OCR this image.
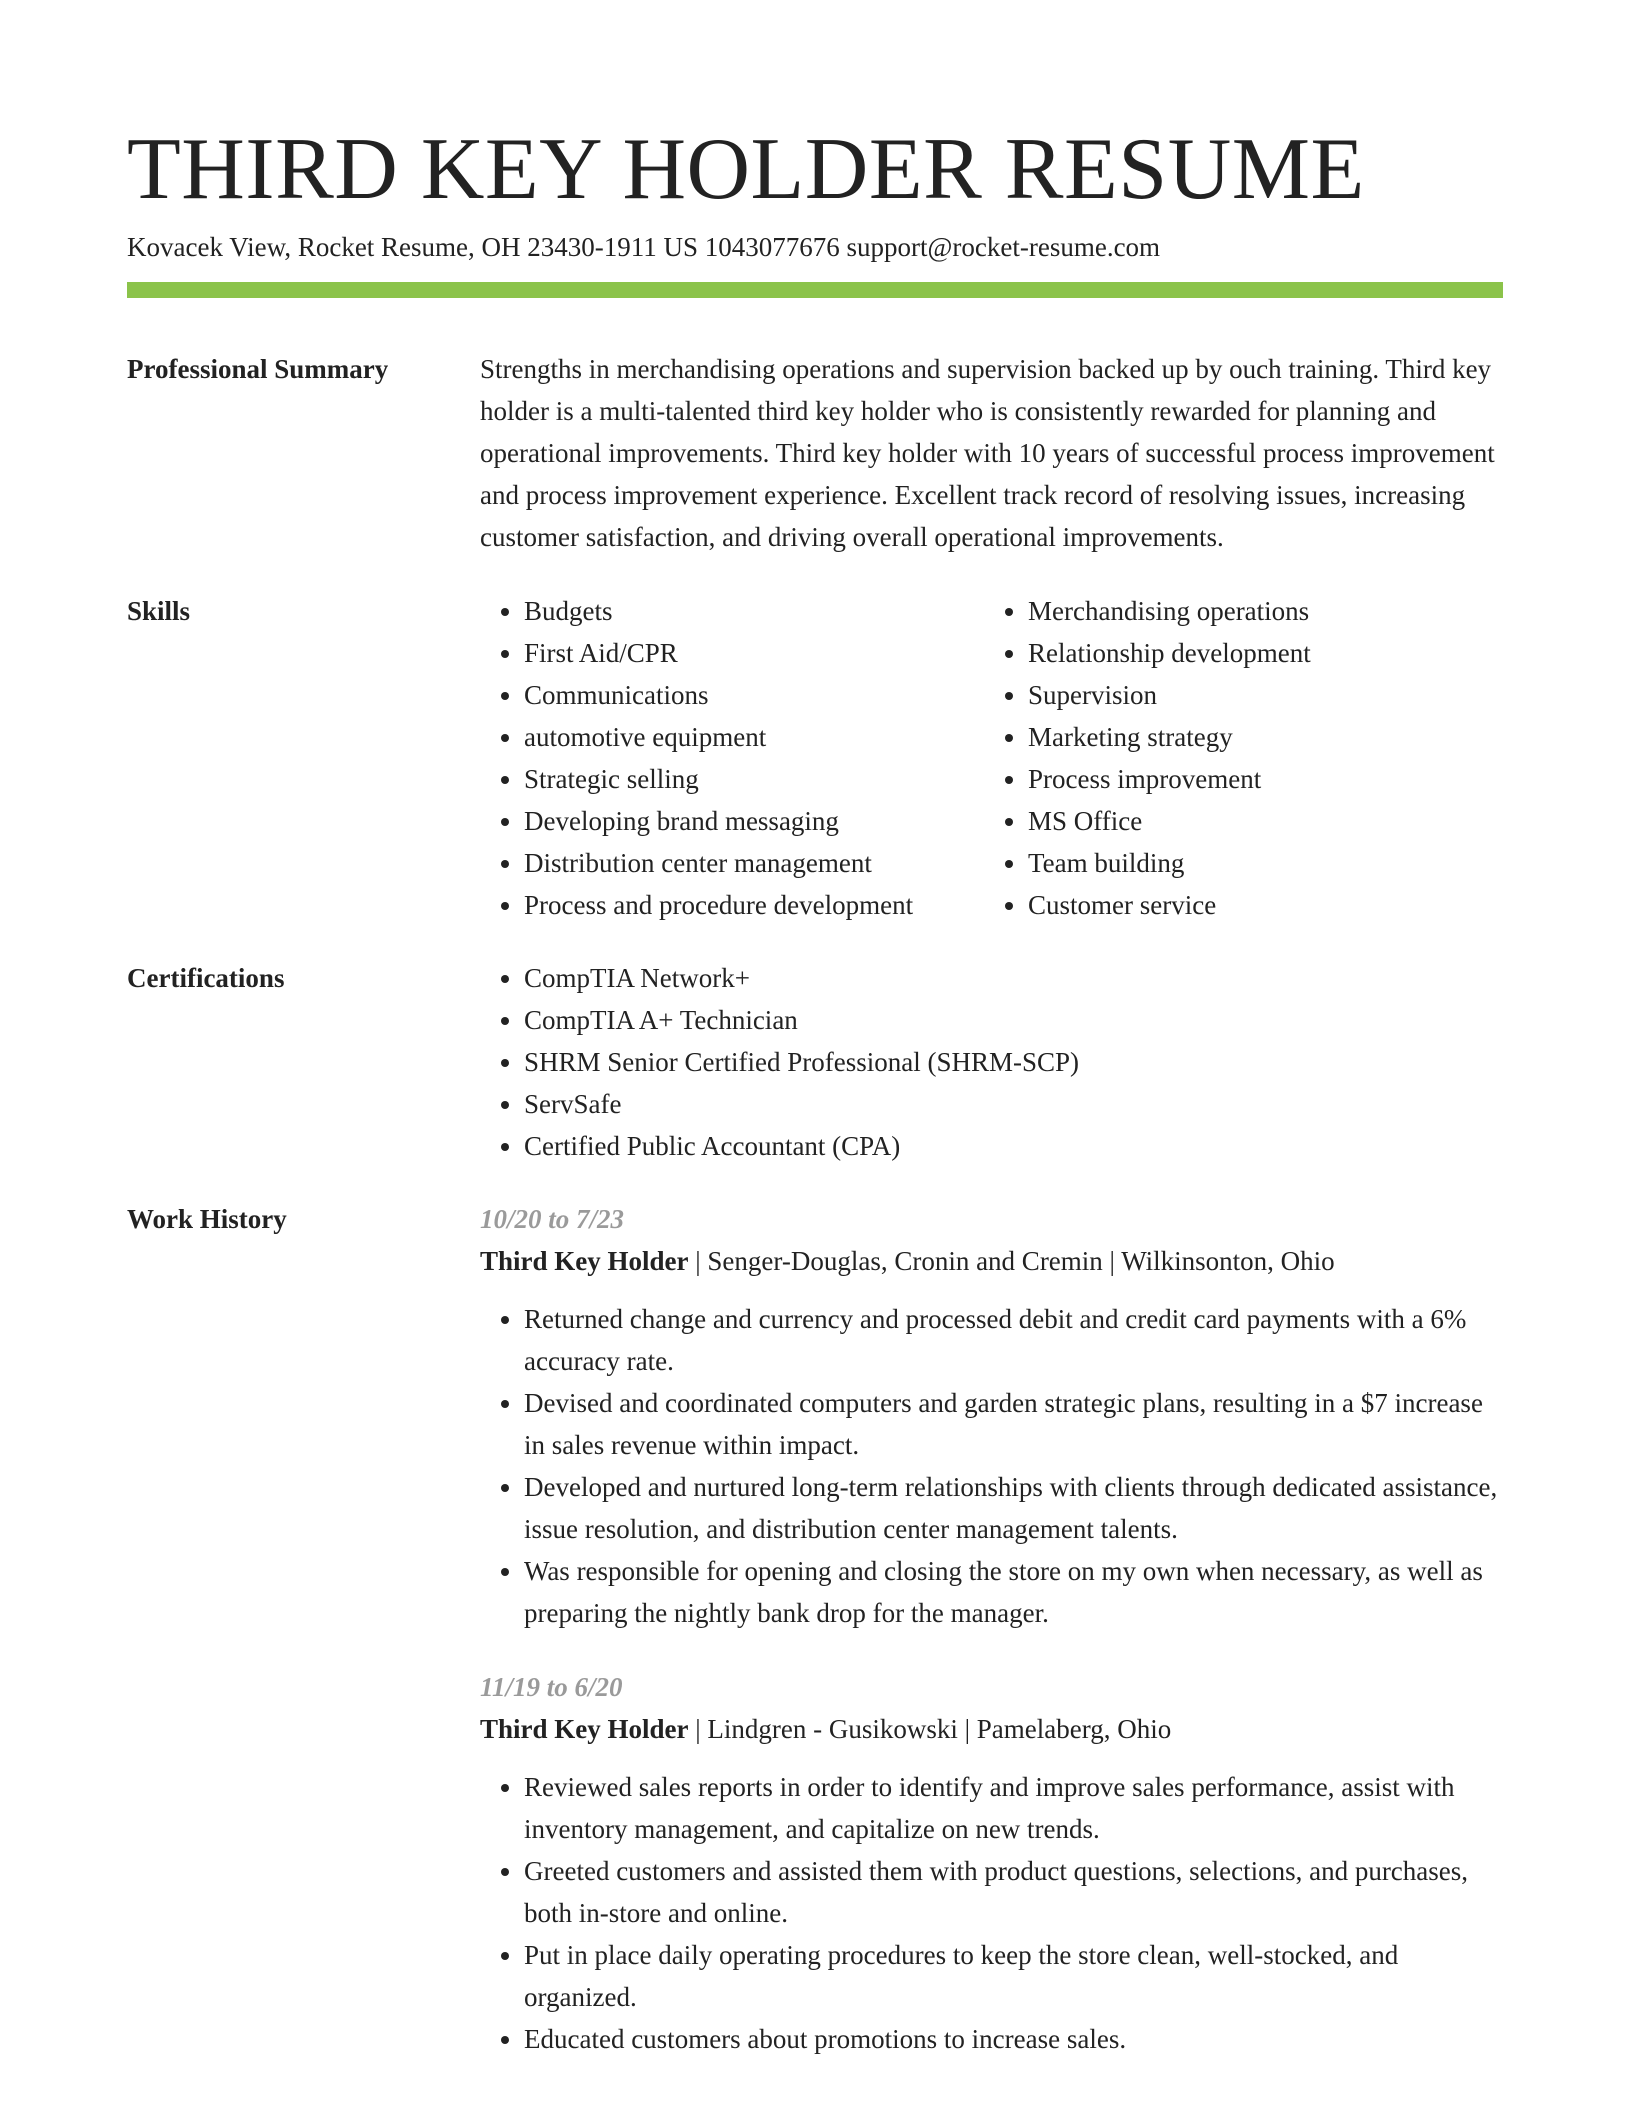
THIRD KEY HOLDER RESUME
Kovacek View, Rocket Resume, OH 23430-1911 US 1043077676 support@rocket-resume.com
Professional Summary	Strengths in merchandising operations and supervision backed up by ouch training. Third key holder is a multi-talented third key holder who is consistently rewarded for planning and operational improvements. Third key holder with 10 years of successful process improvement and process improvement experience. Excellent track record of resolving issues, increasing customer satisfaction, and driving overall operational improvements.

Skills	• Budgets
• First Aid/CPR
• Communications
• automotive equipment
• Strategic selling
• Developing brand messaging
• Distribution center management
• Process and procedure development
• Merchandising operations
• Relationship development
• Supervision
• Marketing strategy
• Process improvement
• MS Office
• Team building
• Customer service
Certifications	• CompTIA Network+
• CompTIA A+ Technician
• SHRM Senior Certified Professional (SHRM-SCP)
• ServSafe
• Certified Public Accountant (CPA)
Work History	10/20 to 7/23
Third Key Holder | Senger-Douglas, Cronin and Cremin | Wilkinsonton, Ohio
• Returned change and currency and processed debit and credit card payments with a 6% accuracy rate.
• Devised and coordinated computers and garden strategic plans, resulting in a $7 increase in sales revenue within impact.
• Developed and nurtured long-term relationships with clients through dedicated assistance, issue resolution, and distribution center management talents.
• Was responsible for opening and closing the store on my own when necessary, as well as preparing the nightly bank drop for the manager.
11/19 to 6/20
Third Key Holder | Lindgren - Gusikowski | Pamelaberg, Ohio
• Reviewed sales reports in order to identify and improve sales performance, assist with inventory management, and capitalize on new trends.
• Greeted customers and assisted them with product questions, selections, and purchases, both in-store and online.
• Put in place daily operating procedures to keep the store clean, well-stocked, and organized.
• Educated customers about promotions to increase sales.
